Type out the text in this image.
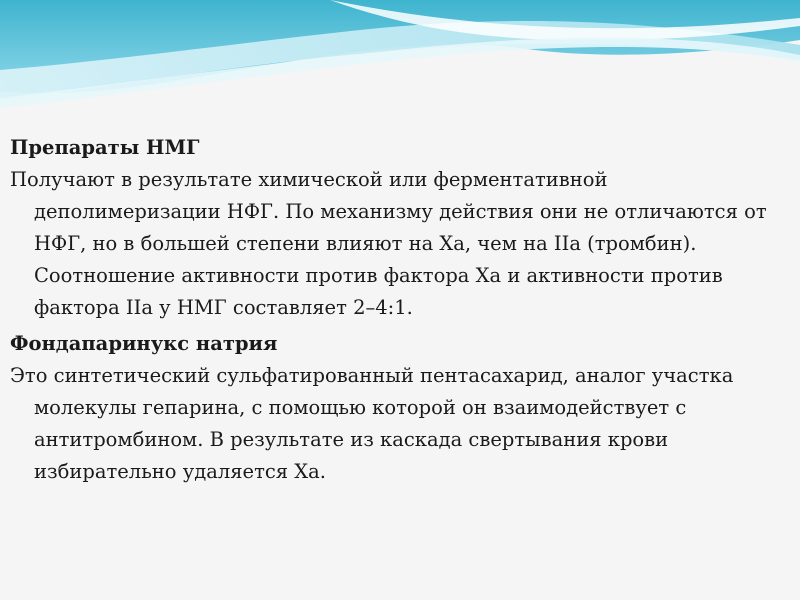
Препараты НМГ

Получают в результате химической или ферментативной деполимеризации НФГ. По механизму действия они не отличаются от НФГ, но в большей степени влияют на Ха, чем на IIa (тромбин). Соотношение активности против фактора Ха и активности против фактора IIa у НМГ составляет 2–4:1.

Фондапаринукс натрия

Это синтетический сульфатированный пентасахарид, аналог участка молекулы гепарина, с помощью которой он взаимодействует с антитромбином. В результате из каскада свертывания крови избирательно удаляется Ха.
